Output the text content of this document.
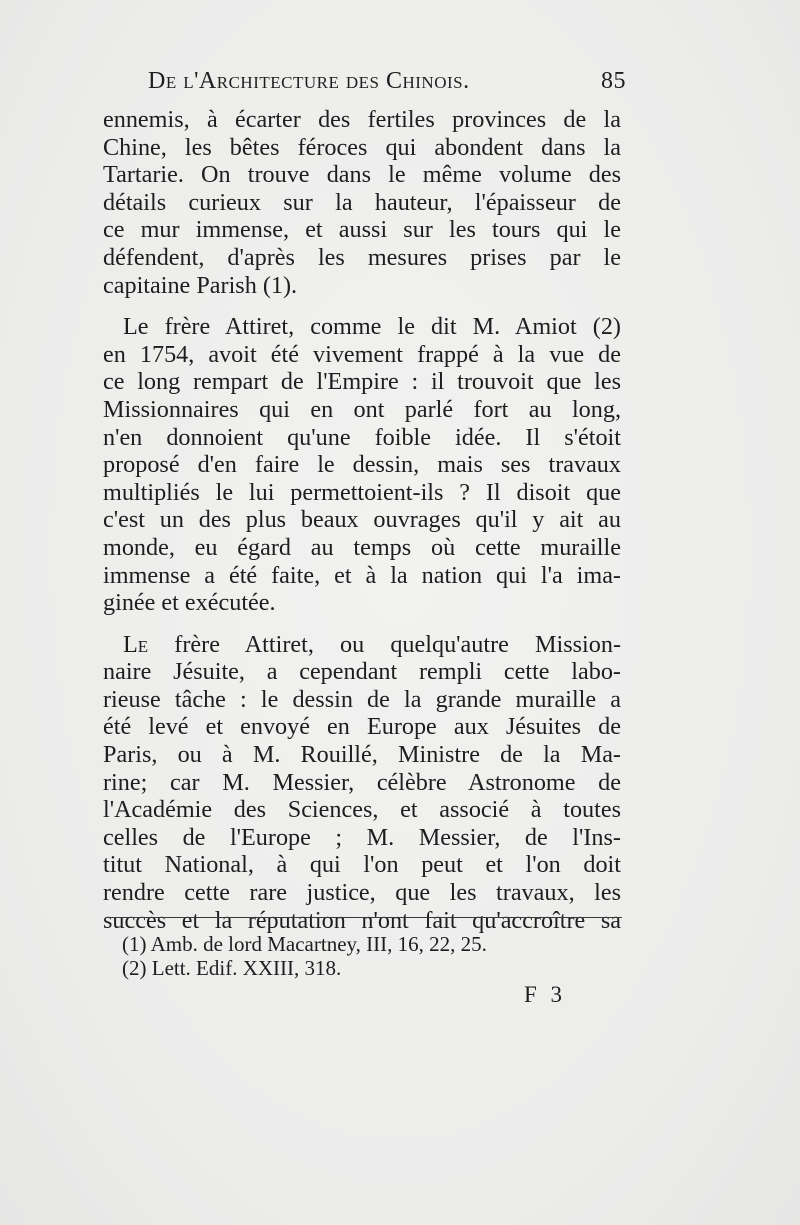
De l'Architecture des Chinois.	85
ennemis, à écarter des fertiles provinces de la
Chine, les bêtes féroces qui abondent dans la
Tartarie. On trouve dans le même volume des
détails curieux sur la hauteur, l'épaisseur de
ce mur immense, et aussi sur les tours qui le
défendent, d'après les mesures prises par le
capitaine Parish (1).
Le frère Attiret, comme le dit M. Amiot (2)
en 1754, avoit été vivement frappé à la vue de
ce long rempart de l'Empire : il trouvoit que les
Missionnaires qui en ont parlé fort au long,
n'en donnoient qu'une foible idée. Il s'étoit
proposé d'en faire le dessin, mais ses travaux
multipliés le lui permettoient-ils ? Il disoit que
c'est un des plus beaux ouvrages qu'il y ait au
monde, eu égard au temps où cette muraille
immense a été faite, et à la nation qui l'a ima-
ginée et exécutée.
Le frère Attiret, ou quelqu'autre Mission-
naire Jésuite, a cependant rempli cette labo-
rieuse tâche : le dessin de la grande muraille a
été levé et envoyé en Europe aux Jésuites de
Paris, ou à M. Rouillé, Ministre de la Ma-
rine; car M. Messier, célèbre Astronome de
l'Académie des Sciences, et associé à toutes
celles de l'Europe ; M. Messier, de l'Ins-
titut National, à qui l'on peut et l'on doit
rendre cette rare justice, que les travaux, les
succès et la réputation n'ont fait qu'accroître sa
(1) Amb. de lord Macartney, III, 16, 22, 25.
(2) Lett. Edif. XXIII, 318.
F 3
